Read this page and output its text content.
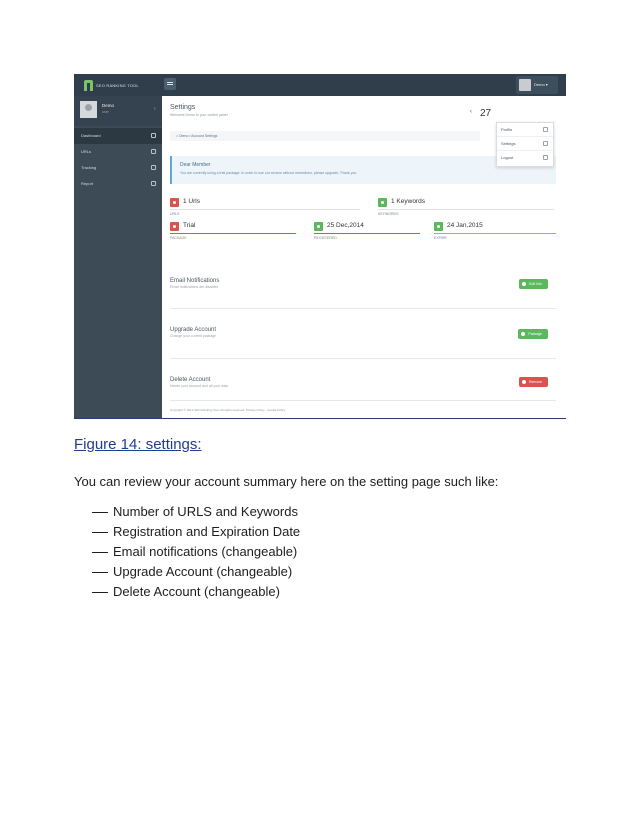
SEO RANKING TOOL	Demo ▾
Demo
user	‹
Dashboard
URLs
Tracking
Report
Settings
Welcome Demo to your control panel	‹ 27
⌂ Demo / Account Settings
Dear Member
You are currently using a trial package. In order to use our service without restrictions, please upgrade, Thank you.
1 Urls
URLS
1 Keywords
KEYWORDS
Trial
PACKAGE
25 Dec,2014
REGISTERED
24 Jan,2015
EXPIRE
Email Notifications
Email notifications are disabled
Edit Info
Upgrade Account
Change your current package	Package
Delete Account
Delete your account and all your data
Remove
Copyright © 2014 SEO Ranking Tool. All rights reserved. Privacy Policy · Cookie Policy
Profile
Settings
Logout
Figure 14: settings:
You can review your account summary here on the setting page such like:
Number of URLS and Keywords
Registration and Expiration Date
Email notifications (changeable)
Upgrade Account (changeable)
Delete Account (changeable)
